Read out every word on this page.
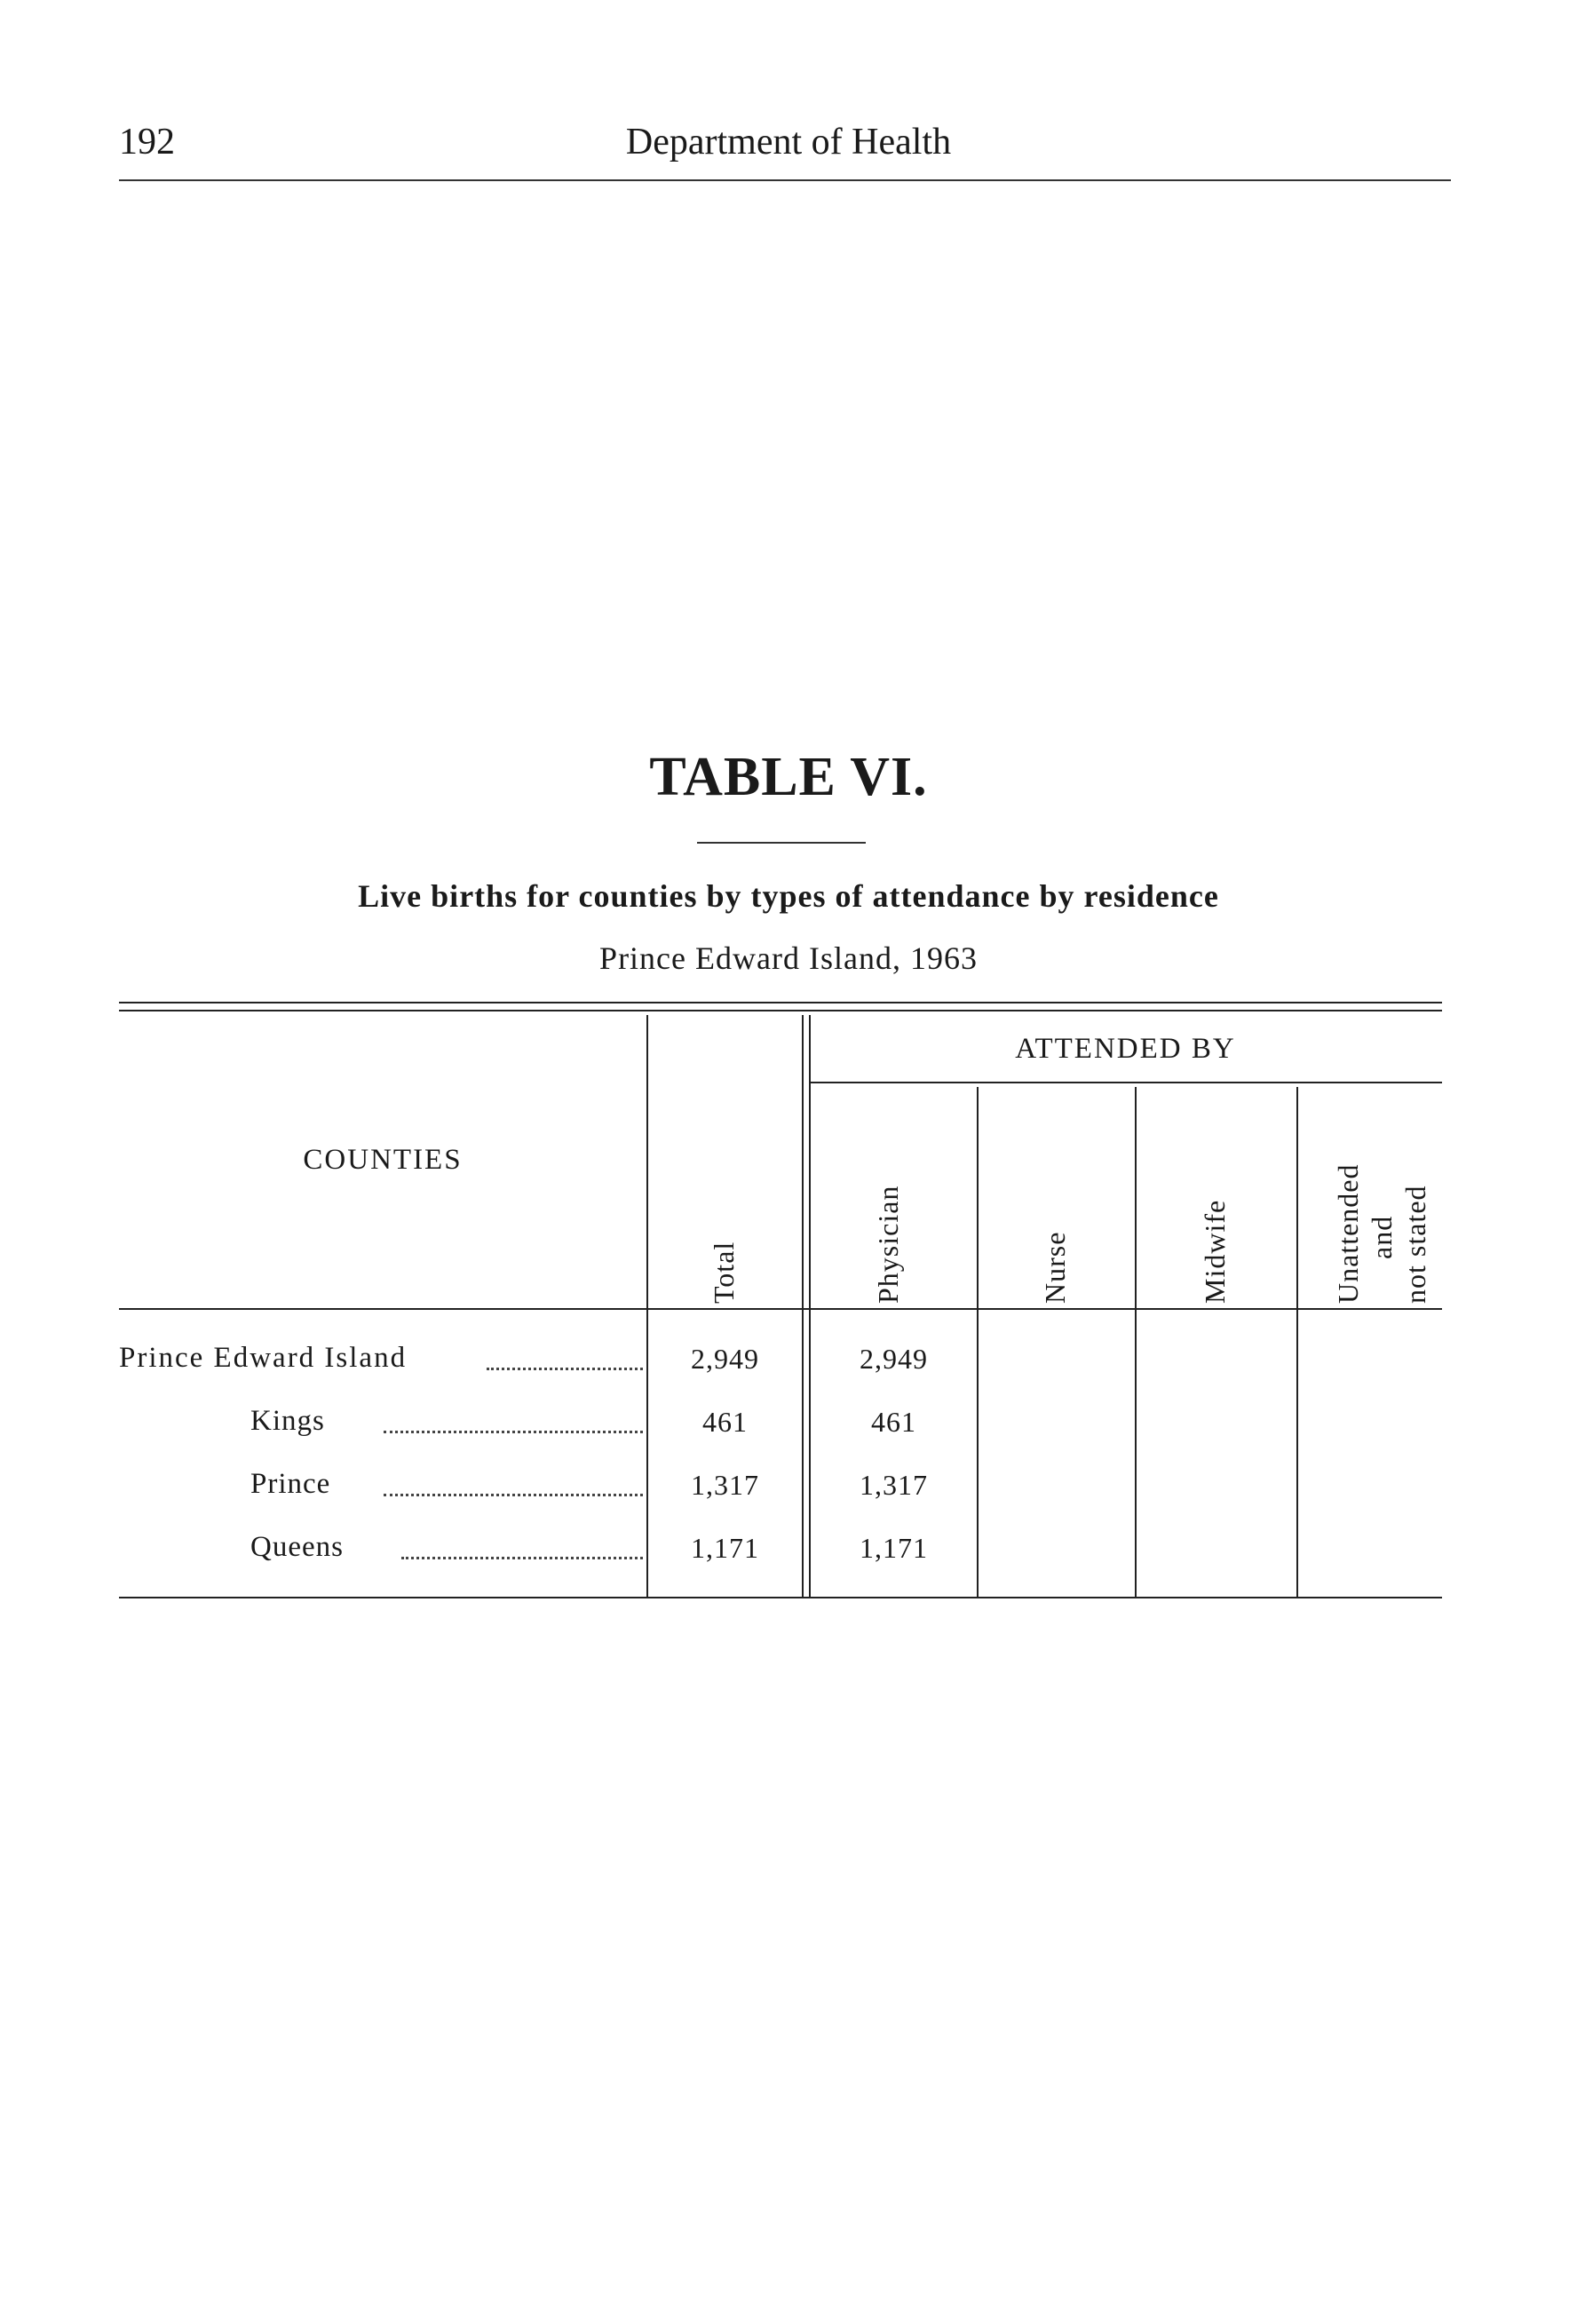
192	Department of Health
TABLE VI.
Live births for counties by types of attendance by residence
Prince Edward Island, 1963
ATTENDED BY
COUNTIES
Total	Physician	Nurse	Midwife	Unattended and not stated
Prince Edward Island	2,949	2,949
Kings	461	461
Prince	1,317	1,317
Queens	1,171	1,171
